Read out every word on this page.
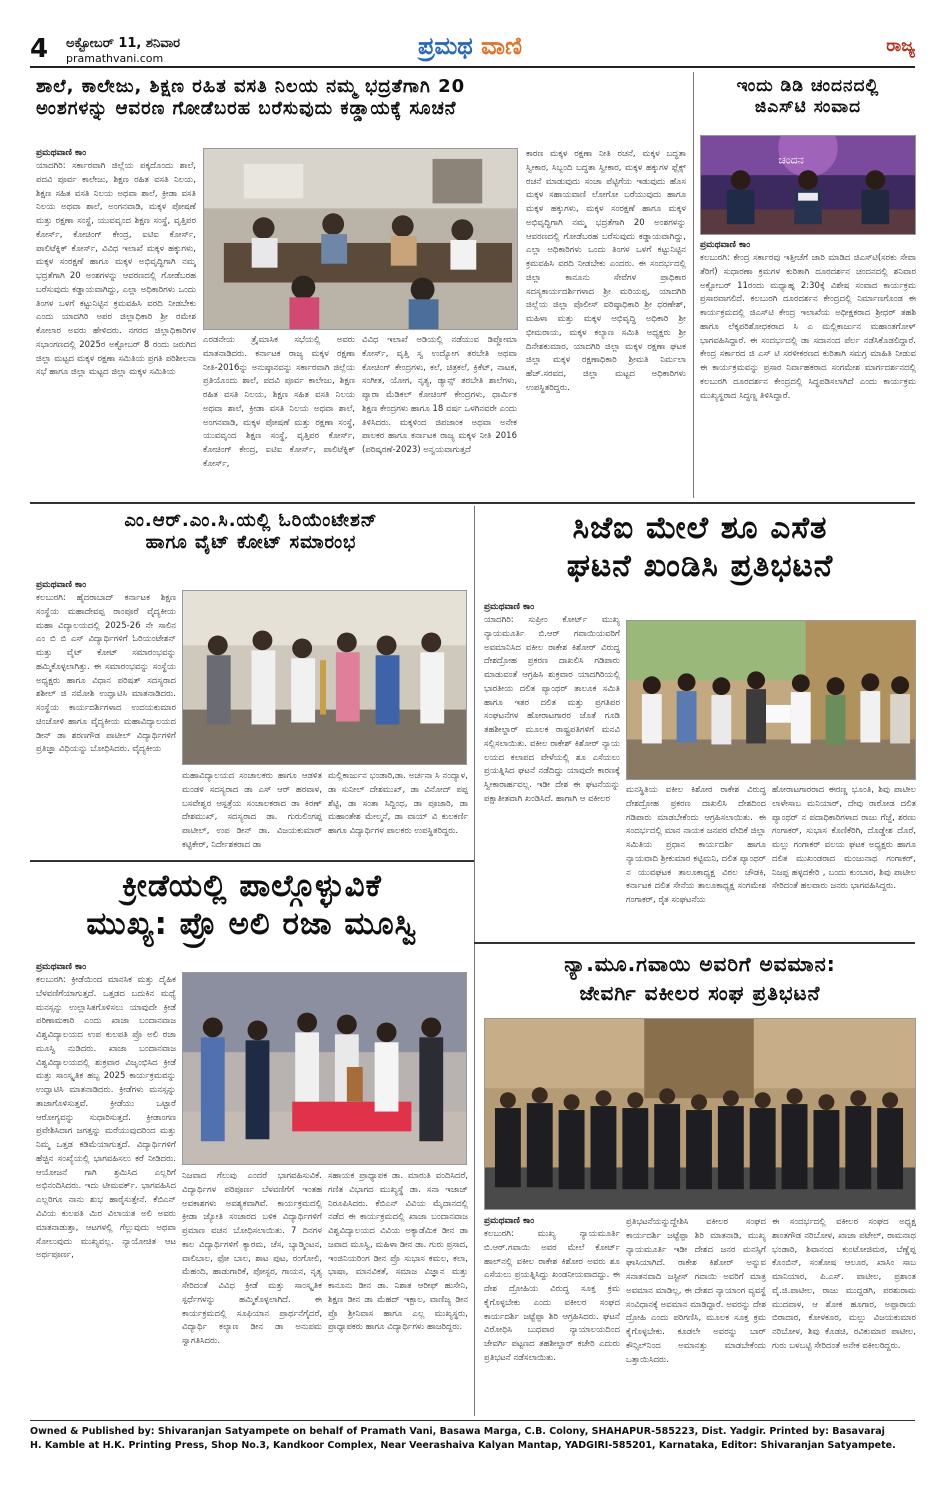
4 ಅಕ್ಟೋಬರ್ 11, ಶನಿವಾರ
pramathvani.com	ಪ್ರಮಥ ವಾಣಿ	ರಾಜ್ಯ
ಶಾಲೆ, ಕಾಲೇಜು, ಶಿಕ್ಷಣ ರಹಿತ ವಸತಿ ನಿಲಯ ನಮ್ಮ ಭದ್ರತೆಗಾಗಿ 20
ಅಂಶಗಳನ್ನು ಆವರಣ ಗೋಡೆಬರಹ ಬರೆಸುವುದು ಕಡ್ಡಾಯಕ್ಕೆ ಸೂಚನೆ
ಪ್ರಮಥವಾಣಿ ಕಾಂ
ಯಾದಗಿರಿ: ಸರ್ಕಾರವಾಗಿ ಜಿಲ್ಲೆಯ ಪಕ್ಕದೊಂದು ಶಾಲೆ, ಪದವಿ ಪೂರ್ವ ಕಾಲೇಜು, ಶಿಕ್ಷಣ ರಹಿತ ವಸತಿ ನಿಲಯ, ಶಿಕ್ಷಣ ಸಹಿತ ವಸತಿ ನಿಲಯ ಅಥವಾ ಶಾಲೆ, ಕ್ರೀಡಾ ವಸತಿ ನಿಲಯ ಅಥವಾ ಶಾಲೆ, ಅಂಗನವಾಡಿ, ಮಕ್ಕಳ ಪೋಷಣೆ ಮತ್ತು ರಕ್ಷಣಾ ಸಂಸ್ಥೆ, ಯುವವೃಂದ ಶಿಕ್ಷಣ ಸಂಸ್ಥೆ, ವೃತ್ತಿಪರ ಕೋರ್ಸ್, ಕೋಚಿಂಗ್ ಕೇಂದ್ರ, ಐಟಿಐ ಕೋರ್ಸ್, ಪಾಲಿಟೆಕ್ನಿಕ್ ಕೋರ್ಸ್, ವಿವಿಧ ಇಲಾಖೆ ಮಕ್ಕಳ ಹಕ್ಕುಗಳು, ಮಕ್ಕಳ ಸಂರಕ್ಷಣೆ ಹಾಗೂ ಮಕ್ಕಳ ಅಭಿವೃದ್ಧಿಗಾಗಿ ನಮ್ಮ ಭದ್ರತೆಗಾಗಿ 20 ಅಂಶಗಳನ್ನು ಆವರಣದಲ್ಲಿ ಗೋಡೆಬರಹ ಬರೆಸುವುದು ಕಡ್ಡಾಯವಾಗಿದ್ದು, ಎಲ್ಲಾ ಅಧಿಕಾರಿಗಳು ಒಂದು ತಿಂಗಳ ಒಳಗೆ ಕಟ್ಟುನಿಟ್ಟಿನ ಕ್ರಮವಹಿಸಿ ವರದಿ ನೀಡಬೇಕು ಎಂದು ಯಾದಗಿರಿ ಅಪರ ಜಿಲ್ಲಾಧಿಕಾರಿ ಶ್ರೀ ರಮೇಶ ಕೋಲಾರ ಅವರು ಹೇಳಿದರು. ನಗರದ ಜಿಲ್ಲಾಧಿಕಾರಿಗಳ ಸಭಾಂಗಣದಲ್ಲಿ 2025ರ ಅಕ್ಟೋಬರ್ 8 ರಂದು ಜರುಗಿದ ಜಿಲ್ಲಾ ಮಟ್ಟದ ಮಕ್ಕಳ ರಕ್ಷಣಾ ಸಮಿತಿಯ ಪ್ರಗತಿ ಪರಿಶೀಲನಾ ಸಭೆ ಹಾಗೂ ಜಿಲ್ಲಾ ಮಟ್ಟದ ಜಿಲ್ಲಾ ಮಕ್ಕಳ ಸಮಿತಿಯ
ಎರಡನೇಯ ತ್ರೈಮಾಸಿಕ ಸಭೆಯಲ್ಲಿ ಅವರು ಮಾತನಾಡಿದರು. ಕರ್ನಾಟಕ ರಾಜ್ಯ ಮಕ್ಕಳ ರಕ್ಷಣಾ ನೀತಿ-2016ನ್ನು ಅನುಷ್ಠಾನವನ್ನು ಸರ್ಕಾರವಾಗಿ ಜಿಲ್ಲೆಯ ಪ್ರತಿಯೊಂದು ಶಾಲೆ, ಪದವಿ ಪೂರ್ವ ಕಾಲೇಜು, ಶಿಕ್ಷಣ ರಹಿತ ವಸತಿ ನಿಲಯ, ಶಿಕ್ಷಣ ಸಹಿತ ವಸತಿ ನಿಲಯ ಅಥವಾ ಶಾಲೆ, ಕ್ರೀಡಾ ವಸತಿ ನಿಲಯ ಅಥವಾ ಶಾಲೆ, ಅಂಗನವಾಡಿ, ಮಕ್ಕಳ ಪೋಷಣೆ ಮತ್ತು ರಕ್ಷಣಾ ಸಂಸ್ಥೆ, ಯುವವೃಂದ ಶಿಕ್ಷಣ ಸಂಸ್ಥೆ, ವೃತ್ತಿಪರ ಕೋರ್ಸ್, ಕೋಚಿಂಗ್ ಕೇಂದ್ರ, ಐಟಿಐ ಕೋರ್ಸ್, ಪಾಲಿಟೆಕ್ನಿಕ್ ಕೋರ್ಸ್,
ವಿವಿಧ ಇಲಾಖೆ ಅಡಿಯಲ್ಲಿ ನಡೆಯುವ ಡಿಪ್ಲೋಮಾ ಕೋರ್ಸ್, ವೃತ್ತಿ ಸ್ವ ಉದ್ಯೋಗ ತರಬೇತಿ ಅಥವಾ ಕೋಚಿಂಗ್ ಕೇಂದ್ರಗಳು, ಕಲೆ, ಚಿತ್ರಕಲೆ, ಕ್ರಿಕೆಟ್, ನಾಟಕ, ಸಂಗೀತ, ಯೋಗ, ನೃತ್ಯ, ಡ್ಯಾನ್ಸ್ ತರಬೇತಿ ಶಾಲೆಗಳು, ಪ್ಯಾರಾ ಮೆಡಿಕಲ್ ಕೋಚಿಂಗ್ ಕೇಂದ್ರಗಳು, ಧಾರ್ಮಿಕ ಶಿಕ್ಷಣ ಕೇಂದ್ರಗಳು ಹಾಗೂ 18 ವರ್ಷ ಒಳಗಿನವರೇ ಎಂದು ತಿಳಿಸಿದರು. ಮಕ್ಕಳಿಂದ ಜಿಪಜಾಂಕ ಅಥವಾ ಅನೇಕ ಪಾಲಕರ ಹಾಗೂ ಕರ್ನಾಟಕ ರಾಜ್ಯ ಮಕ್ಕಳ ನೀತಿ 2016 (ಪರಿಷ್ಕರಣೆ-2023) ಅನ್ವಯವಾಗುತ್ತದೆ
ಕಾರಣ ಮಕ್ಕಳ ರಕ್ಷಣಾ ನೀತಿ ರಚನೆ, ಮಕ್ಕಳ ಬದ್ಧತಾ ಸ್ವೀಕಾರ, ಸಿಬ್ಬಂದಿ ಬದ್ಧತಾ ಸ್ವೀಕಾರ, ಮಕ್ಕಳ ಹಕ್ಕುಗಳ ಫ್ಲೆಕ್ಸ್ ರಚನೆ ಮಾಡುವುದು ಸಂಚಾ ಪೆಟ್ಟಿಗೆಯ ಇಡುವುದು ಹೊಸ ಮಕ್ಕಳ ಸಹಾಯವಾಣಿ ಲೋಗೋ ಬರೆಯುವುದು ಹಾಗೂ ಮಕ್ಕಳ ಹಕ್ಕುಗಳು, ಮಕ್ಕಳ ಸಂರಕ್ಷಣೆ ಹಾಗೂ ಮಕ್ಕಳ ಅಭಿವೃದ್ಧಿಗಾಗಿ ನಮ್ಮ ಭದ್ರತೆಗಾಗಿ 20 ಅಂಶಗಳನ್ನು ಆವರಣದಲ್ಲಿ ಗೋಡೆಬರಹ ಬರೆಸುವುದು ಕಡ್ಡಾಯವಾಗಿದ್ದು, ಎಲ್ಲಾ ಅಧಿಕಾರಿಗಳು ಒಂದು ತಿಂಗಳ ಒಳಗೆ ಕಟ್ಟುನಿಟ್ಟಿನ ಕ್ರಮವಹಿಸಿ ವರದಿ ನೀಡಬೇಕು ಎಂದರು. ಈ ಸಂದರ್ಭದಲ್ಲಿ ಜಿಲ್ಲಾ ಕಾನೂನು ಸೇವೆಗಳ ಪ್ರಾಧಿಕಾರ ಸದಸ್ಯಕಾರ್ಯದರ್ಶಿಗಳಾದ ಶ್ರೀ ಮರಿಯಪ್ಪ, ಯಾದಗಿರಿ ಜಿಲ್ಲೆಯ ಜಿಲ್ಲಾ ಪೊಲೀಸ್ ವರಿಷ್ಠಾಧಿಕಾರಿ ಶ್ರೀ ಧರಣೇಶ್, ಮಹಿಳಾ ಮತ್ತು ಮಕ್ಕಳ ಅಭಿವೃದ್ಧಿ ಅಧಿಕಾರಿ ಶ್ರೀ ಭೀಮರಾಯ, ಮಕ್ಕಳ ಕಲ್ಯಾಣ ಸಮಿತಿ ಅಧ್ಯಕ್ಷರು ಶ್ರೀ ದಿನೇಶಕುಮಾರ, ಯಾದಗಿರಿ ಜಿಲ್ಲಾ ಮಕ್ಕಳ ರಕ್ಷಣಾ ಘಟಕ ಜಿಲ್ಲಾ ಮಕ್ಕಳ ರಕ್ಷಣಾಧಿಕಾರಿ ಶ್ರೀಮತಿ ನಿರ್ಮಲಾ ಹೆಚ್.ಸರವದ, ಜಿಲ್ಲಾ ಮಟ್ಟದ ಅಧಿಕಾರಿಗಳು ಉಪಸ್ಥಿತರಿದ್ದರು.
ಇಂದು ಡಿಡಿ ಚಂದನದಲ್ಲಿ
ಜಿಎಸ್‌ಟಿ ಸಂವಾದ
ಚಂದನ
ಪ್ರಮಥವಾಣಿ ಕಾಂ
ಕಲಬುರಗಿ: ಕೇಂದ್ರ ಸರ್ಕಾರವು ಇತ್ತೀಚೆಗೆ ಜಾರಿ ಮಾಡಿದ ಜಿಎಸ್‌ಟಿ(ಸರಕು ಸೇವಾ ತೆರಿಗೆ) ಸುಧಾರಣಾ ಕ್ರಮಗಳ ಕುರಿತಾಗಿ ದೂರದರ್ಶನ ಚಂದನದಲ್ಲಿ ಶನಿವಾರ ಅಕ್ಟೋಬರ್ 11ರಂದು ಮಧ್ಯಾಹ್ನ 2:30ಕ್ಕೆ ವಿಶೇಷ ಸಂವಾದ ಕಾರ್ಯಕ್ರಮ ಪ್ರಸಾರವಾಗಲಿದೆ. ಕಲಬುರಗಿ ದೂರದರ್ಶನ ಕೇಂದ್ರದಲ್ಲಿ ನಿರ್ಮಾಣಗೊಂಡ ಈ ಕಾರ್ಯಕ್ರಮದಲ್ಲಿ ಜಿಎಸ್‌ಟಿ ಕೇಂದ್ರ ಇಲಾಖೆಯ ಅಧೀಕ್ಷಕರಾದ ಶ್ರೀಧರ್ ತಹಶಿ ಹಾಗೂ ಲೆಕ್ಕಪರಿಶೋಧಕರಾದ ಸಿ ಎ ಮಲ್ಲಿಕಾರ್ಜುನ ಮಹಾಂತಗೋಳ್ ಭಾಗವಹಿಸಿದ್ದಾರೆ. ಈ ಸಂದರ್ಭದಲ್ಲಿ ಡಾ ಸದಾನಂದ ಪೆರ್ಲ ನಡೆಸಿಕೊಡಲಿದ್ದಾರೆ. ಕೇಂದ್ರ ಸರ್ಕಾರದ ಜಿ ಎಸ್ ಟಿ ಸರಳೀಕರಣದ ಕುರಿತಾಗಿ ಸಮಗ್ರ ಮಾಹಿತಿ ನೀಡುವ ಈ ಕಾರ್ಯಕ್ರಮವನ್ನು ಪ್ರಸಾರ ನಿರ್ವಾಹಕರಾದ ಸಂಗಮೇಶ ಮಾರ್ಗದರ್ಶನದಲ್ಲಿ ಕಲಬುರಗಿ ದೂರದರ್ಶನ ಕೇಂದ್ರದಲ್ಲಿ ಸಿದ್ಧಪಡಿಸಲಾಗಿದೆ ಎಂದು ಕಾರ್ಯಕ್ರಮ ಮುಖ್ಯಸ್ಥರಾದ ಸಿದ್ಧಣ್ಣ ತಿಳಿಸಿದ್ದಾರೆ.
ಎಂ.ಆರ್.ಎಂ.ಸಿ.ಯಲ್ಲಿ ಓರಿಯೆಂಟೇಶನ್
ಹಾಗೂ ವೈಟ್ ಕೋಟ್ ಸಮಾರಂಭ
ಪ್ರಮಥವಾಣಿ ಕಾಂ
ಕಲಬುರಗಿ: ಹೈದರಾಬಾದ್ ಕರ್ನಾಟಕ ಶಿಕ್ಷಣ ಸಂಸ್ಥೆಯ ಮಹಾದೇವಪ್ಪ ರಾಂಪೂರೆ ವೈದ್ಯಕೀಯ ಮಹಾ ವಿದ್ಯಾಲಯದಲ್ಲಿ 2025-26 ನೇ ಸಾಲಿನ ಎಂ ಬಿ ಬಿ ಎಸ್ ವಿದ್ಯಾರ್ಥಿಗಳಿಗೆ ಓರಿಯಂಟೇಶನ್ ಮತ್ತು ವೈಟ್ ಕೋಟ್ ಸಮಾರಂಭವನ್ನು ಹಮ್ಮಿಕೊಳ್ಳಲಾಗಿತ್ತು. ಈ ಸಮಾರಂಭವನ್ನು ಸಂಸ್ಥೆಯ ಅಧ್ಯಕ್ಷರು ಹಾಗೂ ವಿಧಾನ ಪರಿಷತ್ ಸದಸ್ಯರಾದ ಶಶೀಲ್ ಜಿ ನಮೋಶಿ ಉದ್ಘಾಟಿಸಿ ಮಾತನಾಡಿದರು. ಸಂಸ್ಥೆಯ ಕಾರ್ಯದರ್ಶಿಗಳಾದ ಉದಯಕುಮಾರ ಚಿಂಚೋಳಿ ಹಾಗೂ ವೈದ್ಯಕೀಯ ಮಹಾವಿದ್ಯಾಲಯದ ಡೀನ್ ಡಾ ಶರಣಗೌಡ ಪಾಟೀಲ್ ವಿದ್ಯಾರ್ಥಿಗಳಿಗೆ ಪ್ರತಿಜ್ಞಾ ವಿಧಿಯನ್ನು ಬೋಧಿಸಿದರು. ವೈದ್ಯಕೀಯ
ಮಹಾವಿದ್ಯಾಲಯದ ಸಂಚಾಲಕರು ಹಾಗೂ ಆಡಳಿತ ಮಂಡಳಿ ಸದಸ್ಯರಾದ ಡಾ ಎಸ್ ಆರ್ ಹರವಾಳ, ಬಸವೇಶ್ವರ ಆಸ್ಪತ್ರೆಯ ಸಂಚಾಲಕರಾದ ಡಾ ಕಿರಣ್ ದೇಶಮುಖ್, ಸದಸ್ಯರಾದ ಡಾ. ಗುರುಲಿಂಗಪ್ಪ ಪಾಟೀಲ್, ಉಪ ಡೀನ್ ಡಾ. ವಿಜಯಕುಮಾರ್ ಕಟ್ಟಿಕೇರ್, ನಿರ್ದೇಶಕರಾದ ಡಾ
ಮಲ್ಲಿಕಾರ್ಜುನ ಭಂಡಾರಿ,ಡಾ. ಅರ್ಚನಾ ಸಿ ನಂದ್ಯಾಳ, ಡಾ ಸುನೀಲ್ ದೇಶಮುಖ್, ಡಾ ವಿನೋದ್ ಪಪ್ಪ ಶೆಟ್ಟಿ, ಡಾ ಸಂತಾ ಸಿದ್ದಿಂಧ, ಡಾ ಪೂಜಾರಿ, ಡಾ ಮಹಾಂತೇಶ ಮೇಲ್ಮನೆ, ಡಾ ವಾಯ್ ವಿ ಕುಲಕರ್ಣಿ ಹಾಗೂ ವಿದ್ಯಾರ್ಥಿಗಳ ಪಾಲಕರು ಉಪಸ್ಥಿತರಿದ್ದರು.
ಸಿಜೆಐ ಮೇಲೆ ಶೂ ಎಸೆತ
ಘಟನೆ ಖಂಡಿಸಿ ಪ್ರತಿಭಟನೆ
ಪ್ರಮಥವಾಣಿ ಕಾಂ
ಯಾದಗಿರಿ: ಸುಪ್ರೀಂ ಕೋರ್ಟ್ ಮುಖ್ಯ ನ್ಯಾಯಮೂರ್ತಿ ಬಿ.ಆರ್ ಗವಾಯಿಯವರಿಗೆ ಅವಮಾನಿಸಿದ ವಕೀಲ ರಾಕೇಶ ಕಿಶೋರ್ ವಿರುದ್ಧ ದೇಶದ್ರೋಹ ಪ್ರಕರಣ ದಾಖಲಿಸಿ ಗಡಿಪಾರು ಮಾಡುವಂತೆ ಆಗ್ರಹಿಸಿ ಶುಕ್ರವಾರ ಯಾದಗಿರಿಯಲ್ಲಿ ಭಾರತೀಯ ದಲಿತ ಪ್ಯಾಂಥರ್ ತಾಲೂಕ ಸಮಿತಿ ಹಾಗೂ ಇತರ ದಲಿತ ಮತ್ತು ಪ್ರಗತಿಪರ ಸಂಘಟನೆಗಳ ಹೋರಾಟಗಾರರ ಜೊತೆ ಗೂಡಿ ತಹಶೀಲ್ದಾರ್ ಮೂಲಕ ರಾಷ್ಟ್ರಪತಿಗಳಿಗೆ ಮನವಿ ಸಲ್ಲಿಸಲಾಯಿತು. ವಕೀಲ ರಾಕೇಶ್ ಕಿಶೋರ್ ನ್ಯಾಯ ಲಯದ ಕಲಾಪದ ವೇಳೆಯಲ್ಲಿ ಶೂ ಎಸೆಯಲು ಪ್ರಯತ್ನಿಸಿದ ಘಟನೆ ನಡೆದಿದ್ದು ಯಾವುದೇ ಕಾರಣಕ್ಕೆ ಸ್ವೀಕಾರಾರ್ಹವಲ್ಲ. ಇಡೀ ದೇಶ ಈ ಘಟನೆಯನ್ನು ಪಕ್ಷಾತೀತವಾಗಿ ಖಂಡಿಸಿದೆ. ಹಾಗಾಗಿ ಆ ವಕೀಲರ
ಮನಸ್ಥಿತಿಯ ವಕೀಲ ಕಿಶೋರ ರಾಕೇಶ ವಿರುದ್ಧ ದೇಶದ್ರೋಹ ಪ್ರಕರಣ ದಾಖಲಿಸಿ ದೇಶದಿಂದ ಗಡಿಪಾರು ಮಾಡಬೇಕೆಂದು ಆಗ್ರಹಿಸಲಾಯಿತು. ಈ ಸಂದರ್ಭದಲ್ಲಿ ಮಾನ ನಾಯಕ ಜನಪರ ವೇದಿಕೆ ಜಿಲ್ಲಾ ಸಮಿತಿಯ ಪ್ರಧಾನ ಕಾರ್ಯದರ್ಶಿ ಹಾಗೂ ನ್ಯಾಯವಾದಿ ಶ್ರೀಕುಮಾರ ಕಟ್ಟಿಮನಿ, ದಲಿತ ಪ್ಯಾಂಥರ್ ನ ಯುವಘಟಕ ತಾಲೂಕಾಧ್ಯಕ್ಷ ವಿಠಲ ಚೌಡಕಿ, ಕರ್ನಾಟಕ ದಲಿತ ಸೇನೆಯ ತಾಲೂಕಾಧ್ಯಕ್ಷ ಸಂಗಮೇಶ ಗಂಗಾಕರ್, ರೈತ ಸಂಘಟನೆಯ
ಹೋರಾಟಗಾರರಾದ ಈರಣ್ಣ ಭೂಂತಿ, ಶಿವು ಪಾಟೀಲ ಲಾಳೇಸಾಬ ಮನಿಯಾರ್, ದೇವು ರಾಠೋಡ ದಲಿತ ಪ್ಯಾಂಥರ್ ನ ಪದಾಧಿಕಾರಿಗಳಾದ ರಾಜು ಗೆಜ್ಜೆ, ಶರಣು ಗಂಗಾಕರ್, ಸುಭಾಸ ಕೊಣಿಕೆರಿಗಿ, ದೊಡ್ಡೇಶ ದೊರೆ, ಮಲ್ಲು ಗಂಗಾಕರ್ ವಲಯ ಘಟಕ ಅಧ್ಯಕ್ಷರು ಹಾಗೂ ದಲಿತ ಮುಖಂಡರಾದ ಮಂಜುನಾಥ ಗಂಗಾಕರ್, ನಿಜಪ್ಪ ಹಳ್ಳದಕೇರಿ , ಬಂದು ಕುಂಬಾರ, ಶಿವು ಪಾಟೀಲ ಸೇರಿದಂತೆ ಹಲವಾರು ಜನರು ಭಾಗವಹಿಸಿದ್ದರು.
ಕ್ರೀಡೆಯಲ್ಲಿ ಪಾಲ್ಗೊಳ್ಳುವಿಕೆ
ಮುಖ್ಯ: ಪ್ರೊ ಅಲಿ ರಜಾ ಮೂಸ್ವಿ
ಪ್ರಮಥವಾಣಿ ಕಾಂ
ಕಲಬುರಗಿ: ಕ್ರೀಡೆಯಿಂದ ಮಾನಸಿಕ ಮತ್ತು ದೈಹಿಕ ಬೆಳವಣಿಗೆಯಾಗುತ್ತದೆ. ಒತ್ತಡದ ಬದುಕಿನ ಮಧ್ಯೆ ಮನಸ್ಸನ್ನು ಉಲ್ಲಾಸಿತಗೊಳಿಸಲು ಯಾವುದೇ ಕ್ರೀಡೆ ಪರಿಣಾಮಕಾರಿ ಎಂದು ಖಾಜಾ ಬಂದಾನವಾಜ ವಿಶ್ವವಿದ್ಯಾಲಯದ ಉಪ ಕುಲಪತಿ ಪ್ರೊ ಅಲಿ ರಜಾ ಮೂಸ್ವಿ ನುಡಿದರು. ಖಾಜಾ ಬಂದಾನವಾಜ ವಿಶ್ವವಿದ್ಯಾಲಯದಲ್ಲಿ ಶುಕ್ರವಾರ ವಿಜೃಂಭಿಸಿದ ಕ್ರೀಡೆ ಮತ್ತು ಸಾಂಸ್ಕೃತಿಕ ಹಬ್ಬ 2025 ಕಾರ್ಯಕ್ರಮವನ್ನು ಉದ್ಘಾಟಿಸಿ ಮಾತನಾಡಿದರು. ಕ್ರೀಡೆಗಳು ಮನಸ್ಸನ್ನು ತಾಜಾಗೊಳಿಸುತ್ತವೆ. ಕ್ರೀಡೆಯು ಒಟ್ಟಾರೆ ಆರೋಗ್ಯವನ್ನು ಸುಧಾರಿಸುತ್ತದೆ. ಕ್ರೀಡಾಂಗಣ ಪ್ರವೇಶಿಸಿದಾಗ ಜಗತ್ತನ್ನು ಮರೆಯುವುದರಿಂದ ಮತ್ತು ನಿಮ್ಮ ಒತ್ತಡ ಕಡಿಮೆಯಾಗುತ್ತದೆ. ವಿದ್ಯಾರ್ಥಿಗಳಿಗೆ ಹೆಚ್ಚಿನ ಸಂಖ್ಯೆಯಲ್ಲಿ ಭಾಗವಹಿಸಲು ಕರೆ ನೀಡಿದರು. ಆಯೋಜನೆ ಗಾಗಿ ಶ್ರಮಿಸಿದ ಎಲ್ಲರಿಗೆ ಅಭಿನಂದಿಸಿದರು. ಇದು ಟೀಮವರ್ಕ್. ಭಾಗವಹಿಸಿದ ಎಲ್ಲರಿಗೂ ನಾನು ಶುಭ ಹಾರೈಸುತ್ತೇನೆ. ಕೆಬಿಎನ್ ವಿವಿಯ ಕುಲಪತಿ ಮಿರ ವಿಲಾಯತ ಅಲಿ ಅವರು ಮಾತನಾಡುತ್ತಾ, ಆಟಗಳಲ್ಲಿ ಗೆಲ್ಲುವುದು ಅಥವಾ ಸೋಲುವುದು ಮುಖ್ಯವಲ್ಲ. ನ್ಯಾಯೋಚಿತ ಆಟ ಅರ್ಥಪೂರ್ಣ,
ನಿಜವಾದ ಗೆಲುವು ಎಂದರೆ ಭಾಗವಹಿಸುವಿಕೆ. ವಿದ್ಯಾರ್ಥಿಗಳ ಪರಿಪೂರ್ಣ ಬೆಳವಣಿಗೆಗೆ ಇಂತಹ ಅವಕಾಶಗಳು ಅವಶ್ಯಕವಾಗಿವೆ. ಕಾರ್ಯಕ್ರಮದಲ್ಲಿ ಕ್ರೀಡಾ ಜ್ಯೋತಿ ಸಂಚಾರದ ಬಳಿಕ ವಿದ್ಯಾರ್ಥಿಗಳಿಗೆ ಪ್ರಮಾಣ ವಚನ ಬೋಧಿಸಲಾಯಿತು. 7 ದಿನಗಳ ಕಾಲ ವಿದ್ಯಾರ್ಥಿಗಳಿಗೆ ಕ್ಯಾರಮ, ಚೆಸ, ಬ್ಯಾಡ್ಮಿಂಟನ, ವಾಲಿಬಾಲ, ಫೋ ಬಾಲ, ಶಾಟ ಪುಟ, ರಂಗೋಲಿ, ಮೆಹಂದಿ, ಹಾಡುಗಾರಿಕೆ, ಪೋಸ್ಟರ, ಗಾಯನ, ನೃತ್ಯ ಸೇರಿದಂತೆ ವಿವಿಧ ಕ್ರೀಡೆ ಮತ್ತು ಸಾಂಸ್ಕೃತಿಕ ಸ್ಪರ್ಧೆಗಳನ್ನು ಹಮ್ಮಿಕೊಳ್ಳಲಾಗಿದೆ. ಈ ಕಾರ್ಯಕ್ರಮದಲ್ಲಿ ಸೂಫಿಯಾನ ಪ್ರಾರ್ಥನೆಗೈದರೆ, ವಿದ್ಯಾರ್ಥಿ ಕಲ್ಯಾಣ ಡೀನ ಡಾ ಅನುಪಮ ಸ್ವಾಗತಿಸಿದರು.
ಸಹಾಯಕ ಪ್ರಾಧ್ಯಾಪಕ ಡಾ. ಮಾರುತಿ ವಂದಿಸಿದರೆ, ಗಣಿತ ವಿಭಾಗದ ಮುಖ್ಯಸ್ಥೆ ಡಾ. ಸನಾ ಇಜಾಜ್ ನಿರೂಪಿಸಿದರು. ಕೆಬಿಎನ್ ವಿವಿಯ ಮೈದಾನದಲ್ಲಿ ನಡೆದ ಈ ಕಾರ್ಯಕ್ರಮದಲ್ಲಿ ಖಾಜಾ ಬಂದಾನವಾಜ ವಿಶ್ವವಿದ್ಯಾಲಯದ ವಿವಿಯ ಅಕ್ಯಾಡೆಮಿಕ ಡೀನ ಡಾ ಜವಾದ ಮೂಸ್ವಿ, ಮಹಿಳಾ ಡೀನ ಡಾ. ಗುರು ಪ್ರಸಾದ, ಇಂಜಿನಿಯರಿಂಗ ಡೀನ ಪ್ರೊ ಸುಭಾಸ ಕಮಲ, ಕಲಾ, ಭಾಷಾ, ಮಾನವಿಕತೆ, ಸಮಾಜ ವಿಜ್ಞಾನ ಮತ್ತು ಕಾನೂನು ಡೀನ ಡಾ. ನಿಶಾತ ಆರೀಫ್ ಹುಸೇನಿ, ಶಿಕ್ಷಣ ಡೀನ ಡಾ ಮೆಹದ್ ಇಕ್ಬಾಲ, ವಾಣಿಜ್ಯ ಡೀನ ಪ್ರೊ ಶ್ರೀನಿವಾಸ ಹಾಗೂ ಎಲ್ಲ ಮುಖ್ಯಸ್ಥರು, ಪ್ರಾಧ್ಯಾಪಕರು ಹಾಗೂ ವಿದ್ಯಾರ್ಥಿಗಳು ಹಾಜರಿದ್ದರು.
ನ್ಯಾ.ಮೂ.ಗವಾಯಿ ಅವರಿಗೆ ಅವಮಾನ:
ಜೇವರ್ಗಿ ವಕೀಲರ ಸಂಘ ಪ್ರತಿಭಟನೆ
ಪ್ರಮಥವಾಣಿ ಕಾಂ
ಕಲಬುರಗಿ: ಮುಖ್ಯ ನ್ಯಾಯಮೂರ್ತಿ ಬಿ.ಆರ್.ಗವಾಯಿ ಅವರ ಮೇಲೆ ಕೋರ್ಟ್ ಹಾಲ್‌ನಲ್ಲಿ ವಕೀಲ ರಾಕೇಶ ಕಿಶೋರ ಅವರು ಶೂ ಎಸೆಯಲು ಪ್ರಯತ್ನಿಸಿದ್ದು ಖಂಡನೀಯವಾದದ್ದು. ಈ ದೇಶ ದ್ರೋಹಿಯ ವಿರುದ್ಧ ಸೂಕ್ತ ಕ್ರಮ ಕೈಗೊಳ್ಳಬೇಕು ಎಂದು ವಕೀಲರ ಸಂಘದ ಕಾರ್ಯದರ್ಶಿ ಜಟ್ಟೆಪ್ಪಾ ಶಿರಿ ಆಗ್ರಹಿಸಿದರು. ಘಟನೆ ವಿರೋಧಿಸಿ ಬುಧವಾರ ನ್ಯಾಯಾಲಯದಿಂದ ಜೇವರ್ಗಿ ಪಟ್ಟಣದ ತಹಶೀಲ್ದಾರ್ ಕಚೇರಿ ಎದುರು ಪ್ರತಿಭಟನೆ ನಡೆಸಲಾಯಿತು.
ಪ್ರತಿಭಟನೆಯನ್ನುದ್ದೇಶಿಸಿ ವಕೀಲರ ಸಂಘದ ಕಾರ್ಯದರ್ಶಿ ಜಟ್ಟೆಪ್ಪಾ ಶಿರಿ ಮಾತನಾಡಿ, ಮುಖ್ಯ ನ್ಯಾಯಮೂರ್ತಿ ಇಡೀ ದೇಶದ ಜನರ ಮನಸ್ಸಿಗೆ ಘಾಸಿಯಾಗಿದೆ. ರಾಕೇಶ ಕಿಶೋರ್ ಅನ್ನುವ ಸನಾತನವಾದಿ ಜಸ್ಟೀಸ್ ಗವಾಯಿ ಅವರಿಗೆ ಮಾತ್ರ ಅವಮಾನ ಮಾಡಿಲ್ಲ, ಈ ದೇಶದ ನ್ಯಾಯಾಂಗ ವ್ಯವಸ್ಥೆ ಸಂವಿಧಾನಕ್ಕೆ ಅವಮಾನ ಮಾಡಿದ್ದಾರೆ. ಅವರನ್ನು ದೇಶ ದ್ರೋಹಿ ಎಂದು ಪರಿಗಣಿಸಿ, ಮೂಲಕ ಸೂಕ್ತ ಕ್ರಮ ಕೈಗೊಳ್ಳಬೇಕು. ಕೂಡಲೇ ಅವರನ್ನು ಬಾರ್ ಕೌನ್ಸಿಲ್‌ನಿಂದ ಅಮಾನತ್ತು ಮಾಡಬೇಕೆಂದು ಒತ್ತಾಯಿಸಿದರು.
ಈ ಸಂದರ್ಭದಲ್ಲಿ ವಕೀಲರ ಸಂಘದ ಅಧ್ಯಕ್ಷ ಶಾಂತಗೌಡ ನರಿಬೋಳ, ಖಾಜಾ ಪಟೇಲ್, ರಾಮನಾಥ ಭಂಡಾರಿ, ಶಿವಾನಂದ ಕುಂಟೋಜಿಮಠ, ಬೆಣ್ಣೆಪ್ಪ ಕೊಂಬಿನ್, ಸಂತೋಷ ಆಲೂರ, ಖಾಸಿಂ ಸಾಬ ಮಾನಿಯಾರ, ಪಿ.ಎಸ್. ಪಾಟೀಲ, ಪ್ರಶಾಂತ ವೈ.ಜಿ.ಪಾಟೀಲ, ರಾಜು ಮುದ್ದಡಗಿ, ಪರಶುರಾಮ ಮುದವಾಳ, ಆ ಶೋಕ ಹೂಗಾರ, ಅಪ್ಪಾರಾಯ ಬಿರಾದಾರ, ಕೋಳಕೂರ, ಮಲ್ಲು ವಿಜಯಕುಮಾರ ನರಿಬೋಳ, ಶಿವು ಕೊಡಚಿ, ರವಿಕುಮಾರ ಪಾಟೀಲ, ಗುರು ಬಳಬಟ್ಟಿ ಸೇರಿದಂತೆ ಅನೇಕ ವಕೀಲರಿದ್ದರು.
Owned & Published by: Shivaranjan Satyampete on behalf of Pramath Vani, Basawa Marga, C.B. Colony, SHAHAPUR-585223, Dist. Yadgir. Printed by: Basavaraj
H. Kamble at H.K. Printing Press, Shop No.3, Kandkoor Complex, Near Veerashaiva Kalyan Mantap, YADGIRI-585201, Karnataka, Editor: Shivaranjan Satyampete.
